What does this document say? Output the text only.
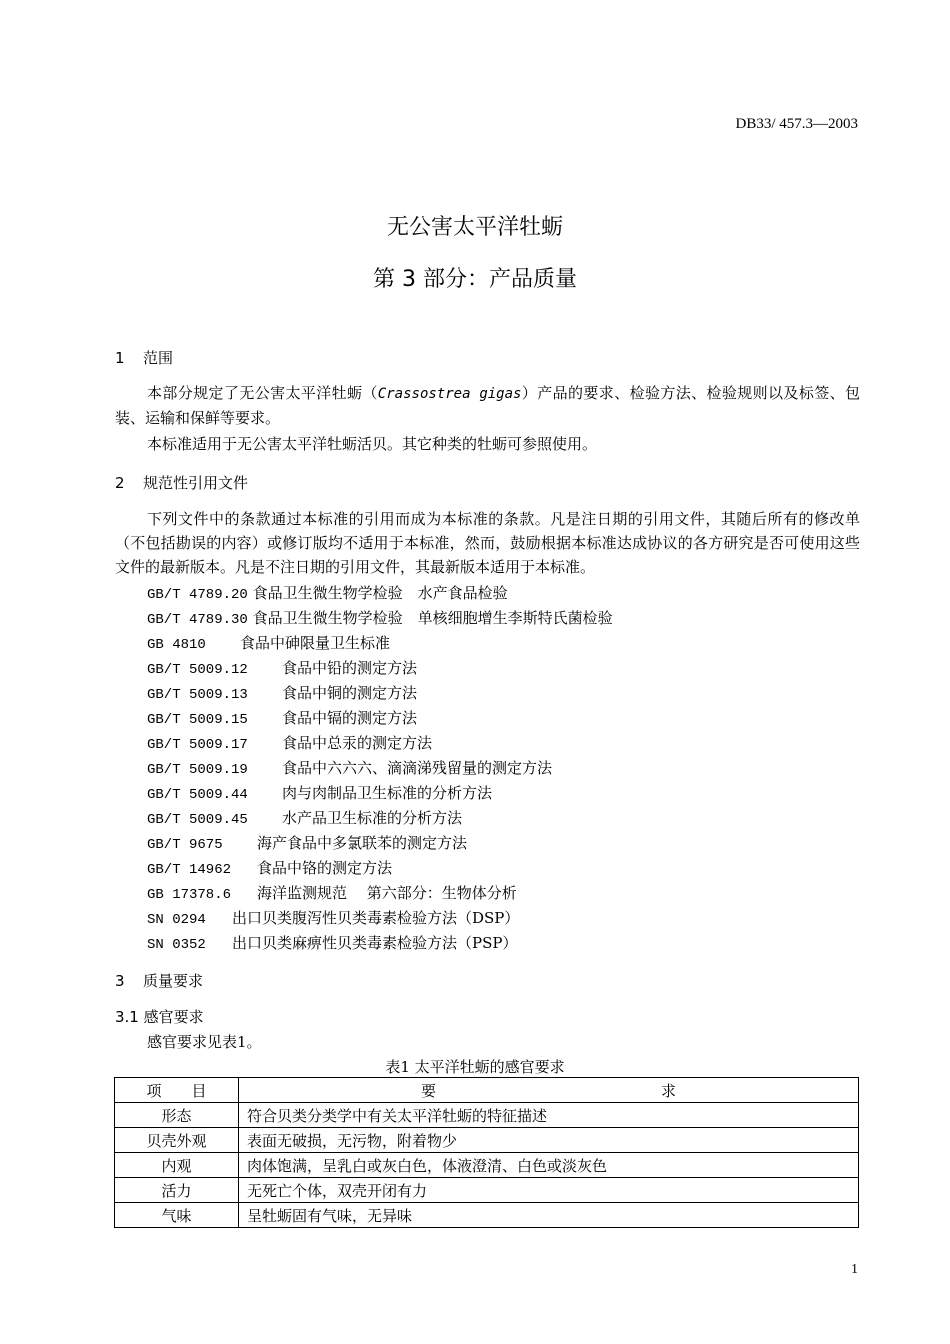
DB33/ 457.3—2003
无公害太平洋牡蛎
第 3 部分：产品质量
1 范围
本部分规定了无公害太平洋牡蛎（Crassostrea gigas）产品的要求、检验方法、检验规则以及标签、包装、运输和保鲜等要求。
本标准适用于无公害太平洋牡蛎活贝。其它种类的牡蛎可参照使用。
2 规范性引用文件
下列文件中的条款通过本标准的引用而成为本标准的条款。凡是注日期的引用文件，其随后所有的修改单（不包括勘误的内容）或修订版均不适用于本标准，然而，鼓励根据本标准达成协议的各方研究是否可使用这些文件的最新版本。凡是不注日期的引用文件，其最新版本适用于本标准。
GB/T 4789.20 食品卫生微生物学检验　水产食品检验
GB/T 4789.30 食品卫生微生物学检验　单核细胞增生李斯特氏菌检验
GB 4810 食品中砷限量卫生标准
GB/T 5009.12 食品中铅的测定方法
GB/T 5009.13 食品中铜的测定方法
GB/T 5009.15 食品中镉的测定方法
GB/T 5009.17 食品中总汞的测定方法
GB/T 5009.19 食品中六六六、滴滴涕残留量的测定方法
GB/T 5009.44 肉与肉制品卫生标准的分析方法
GB/T 5009.45 水产品卫生标准的分析方法
GB/T 9675 海产食品中多氯联苯的测定方法
GB/T 14962 食品中铬的测定方法
GB 17378.6 海洋监测规范　 第六部分：生物体分析
SN 0294 出口贝类腹泻性贝类毒素检验方法（DSP）
SN 0352 出口贝类麻痹性贝类毒素检验方法（PSP）
3 质量要求
3.1 感官要求
感官要求见表1。
表1 太平洋牡蛎的感官要求
项　　目	要　　　　　　　　　　　　　　　求
形态	符合贝类分类学中有关太平洋牡蛎的特征描述
贝壳外观	表面无破损，无污物，附着物少
内观	肉体饱满，呈乳白或灰白色，体液澄清、白色或淡灰色
活力	无死亡个体，双壳开闭有力
气味	呈牡蛎固有气味，无异味
1
